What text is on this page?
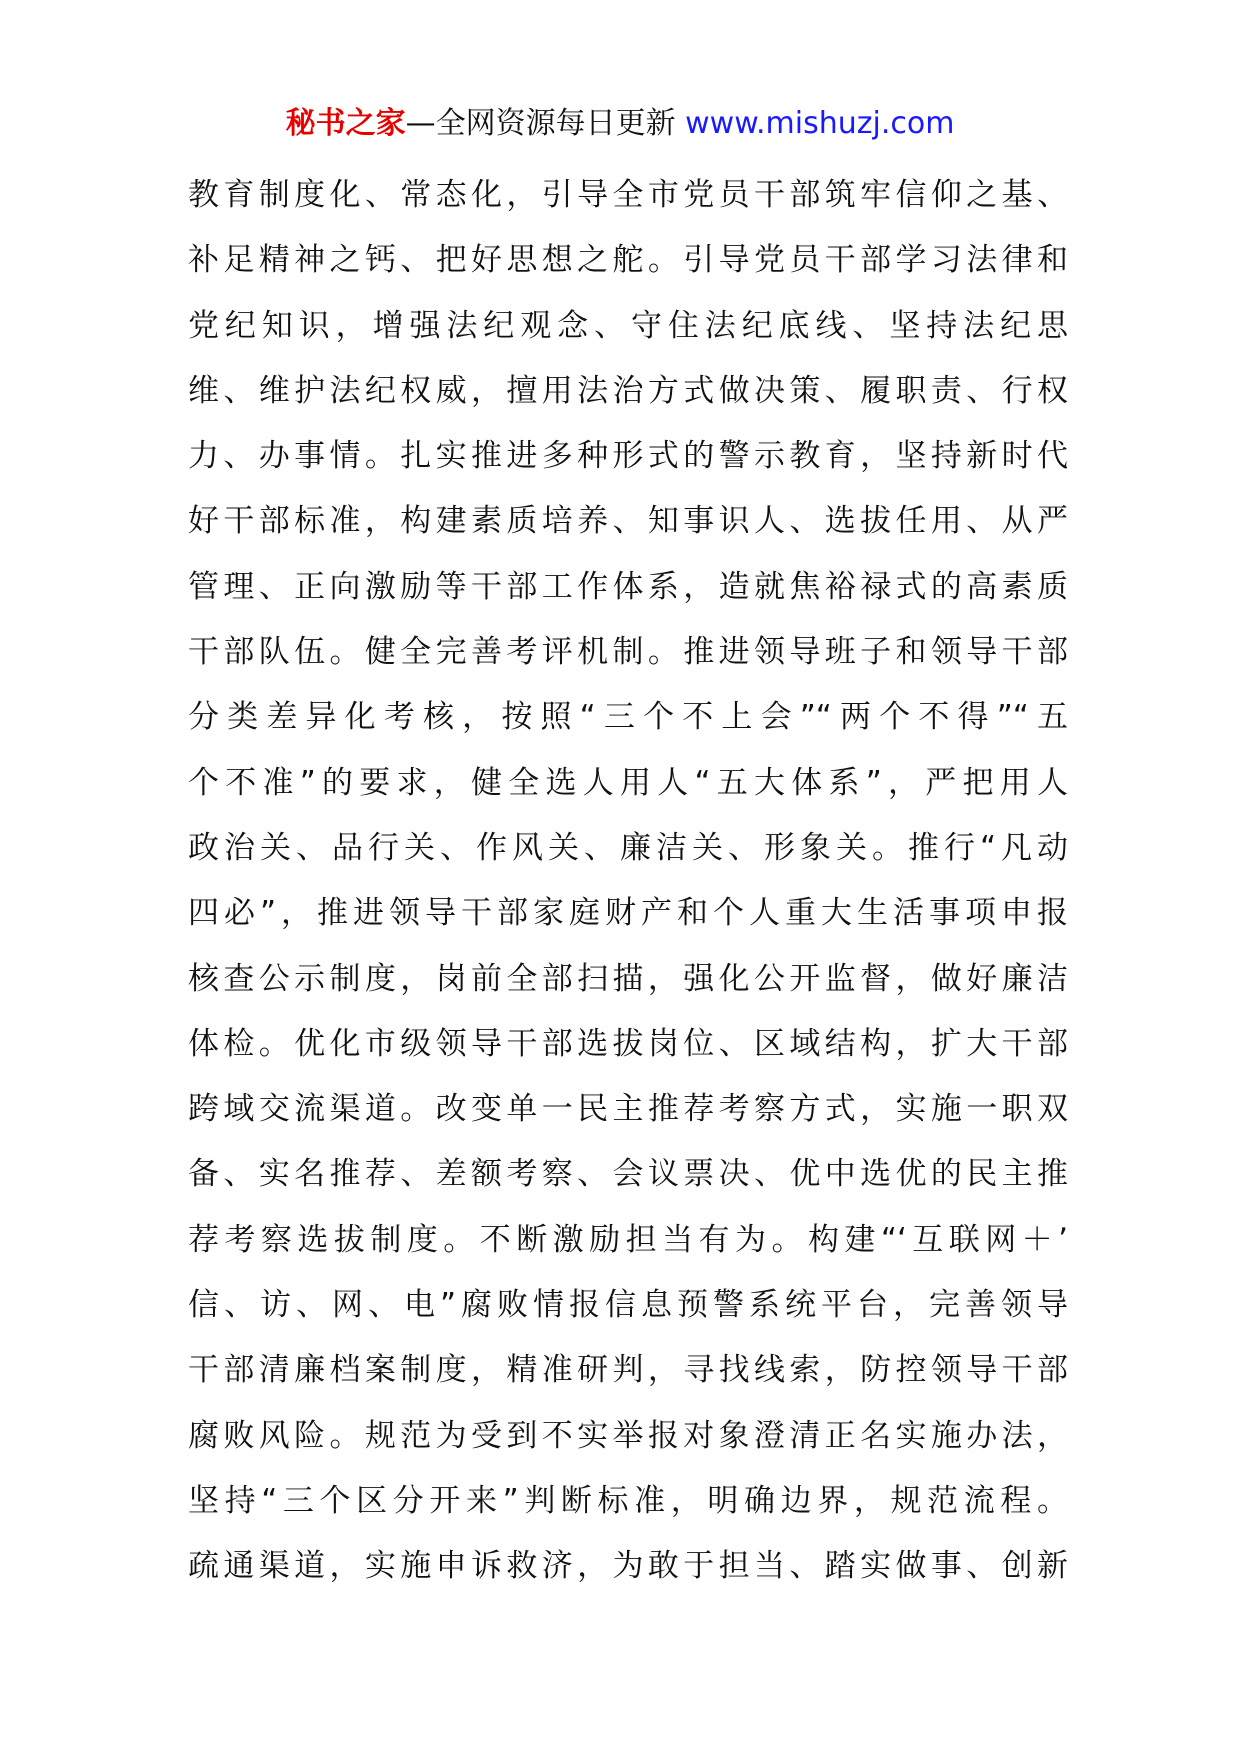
秘书之家—全网资源每日更新 www.mishuzj.com
教育制度化、常态化，引导全市党员干部筑牢信仰之基、
补足精神之钙、把好思想之舵。引导党员干部学习法律和
党纪知识，增强法纪观念、守住法纪底线、坚持法纪思
维、维护法纪权威，擅用法治方式做决策、履职责、行权
力、办事情。扎实推进多种形式的警示教育，坚持新时代
好干部标准，构建素质培养、知事识人、选拔任用、从严
管理、正向激励等干部工作体系，造就焦裕禄式的高素质
干部队伍。健全完善考评机制。推进领导班子和领导干部
分类差异化考核，按照“三个不上会”“两个不得”“五
个不准”的要求，健全选人用人“五大体系”，严把用人
政治关、品行关、作风关、廉洁关、形象关。推行“凡动
四必”，推进领导干部家庭财产和个人重大生活事项申报
核查公示制度，岗前全部扫描，强化公开监督，做好廉洁
体检。优化市级领导干部选拔岗位、区域结构，扩大干部
跨域交流渠道。改变单一民主推荐考察方式，实施一职双
备、实名推荐、差额考察、会议票决、优中选优的民主推
荐考察选拔制度。不断激励担当有为。构建“‘互联网＋’
信、访、网、电”腐败情报信息预警系统平台，完善领导
干部清廉档案制度，精准研判，寻找线索，防控领导干部
腐败风险。规范为受到不实举报对象澄清正名实施办法，
坚持“三个区分开来”判断标准，明确边界，规范流程。
疏通渠道，实施申诉救济，为敢于担当、踏实做事、创新
